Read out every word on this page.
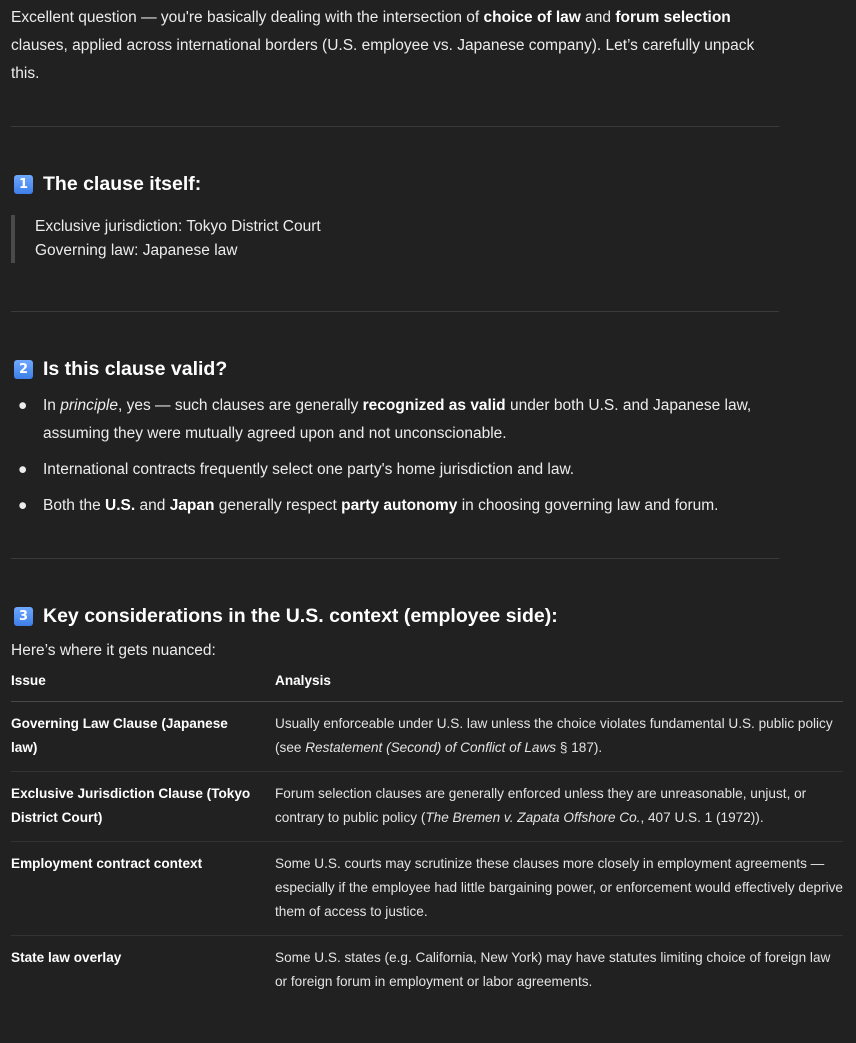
Excellent question — you're basically dealing with the intersection of choice of law and forum selection clauses, applied across international borders (U.S. employee vs. Japanese company). Let’s carefully unpack this.

1 The clause itself:
Exclusive jurisdiction: Tokyo District Court
Governing law: Japanese law
2 Is this clause valid?
● In principle, yes — such clauses are generally recognized as valid under both U.S. and Japanese law, assuming they were mutually agreed upon and not unconscionable.
● International contracts frequently select one party's home jurisdiction and law.
● Both the U.S. and Japan generally respect party autonomy in choosing governing law and forum.
3 Key considerations in the U.S. context (employee side):

Here’s where it gets nuanced:

Issue	Analysis

Governing Law Clause (Japanese law)	Usually enforceable under U.S. law unless the choice violates fundamental U.S. public policy (see Restatement (Second) of Conflict of Laws § 187).

Exclusive Jurisdiction Clause (Tokyo District Court)	Forum selection clauses are generally enforced unless they are unreasonable, unjust, or contrary to public policy (The Bremen v. Zapata Offshore Co., 407 U.S. 1 (1972)).

Employment contract context	Some U.S. courts may scrutinize these clauses more closely in employment agreements — especially if the employee had little bargaining power, or enforcement would effectively deprive them of access to justice.

State law overlay	Some U.S. states (e.g. California, New York) may have statutes limiting choice of foreign law or foreign forum in employment or labor agreements.
